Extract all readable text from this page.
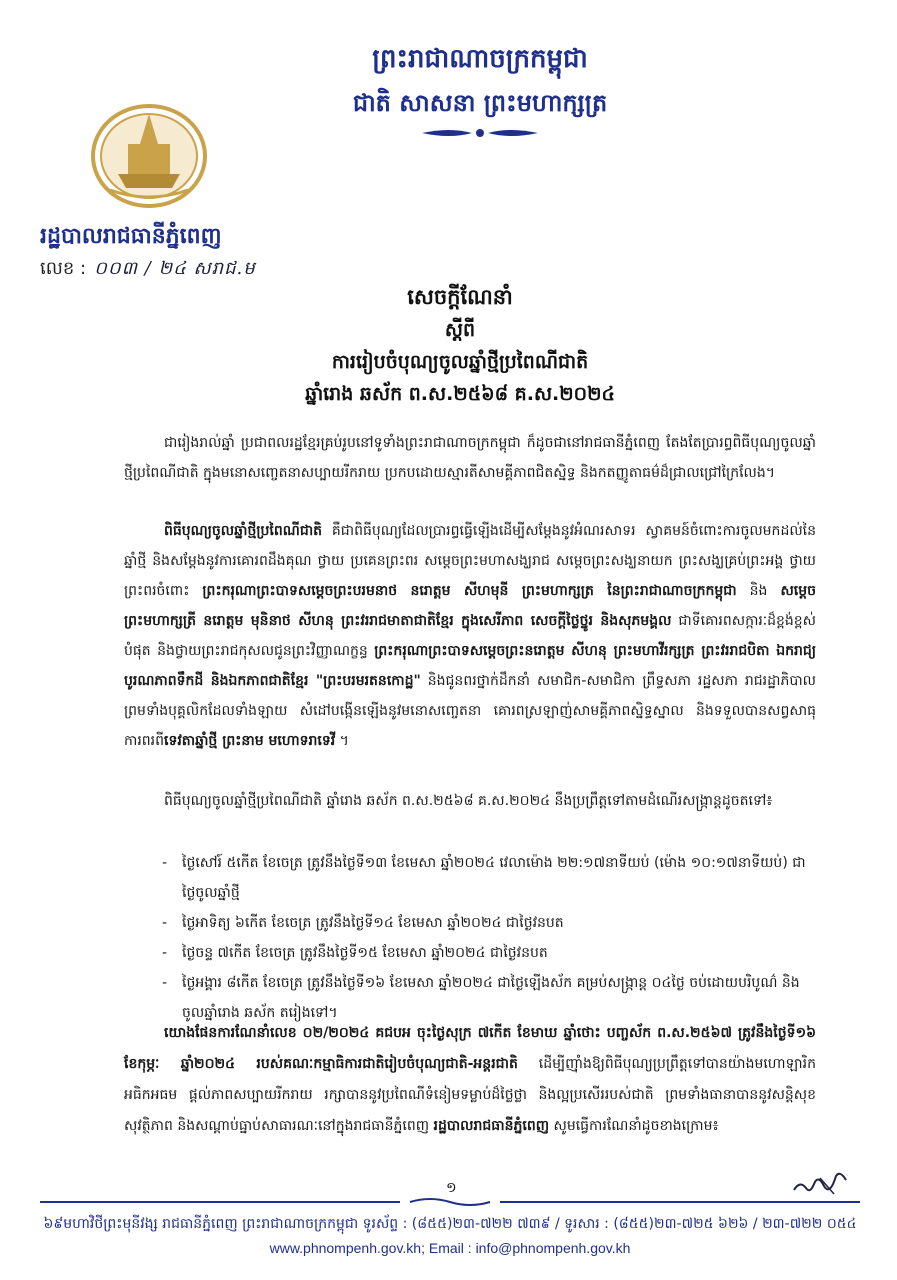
ព្រះរាជាណាចក្រកម្ពុជា
ជាតិ សាសនា ព្រះមហាក្សត្រ
រដ្ឋបាលរាជធានីភ្នំពេញ
លេខ : ០០៣ / ២៤ សរាជ.ម
សេចក្តីណែនាំ
ស្តីពី
ការរៀបចំបុណ្យចូលឆ្នាំថ្មីប្រពៃណីជាតិ
ឆ្នាំរោង ឆស័ក ព.ស.២៥៦៨ គ.ស.២០២៤
ជារៀងរាល់ឆ្នាំ ប្រជាពលរដ្ឋខ្មែរគ្រប់រូបនៅទូទាំងព្រះរាជាណាចក្រកម្ពុជា ក៏ដូចជានៅរាជធានីភ្នំពេញ តែងតែប្រារព្ធពិធីបុណ្យចូលឆ្នាំថ្មីប្រពៃណីជាតិ ក្នុងមនោសញ្ចេតនាសប្បាយរីករាយ ប្រកបដោយស្មារតីសាមគ្គីភាពជិតស្និទ្ធ និងកតញ្ញូតាធម៌ដ៏ជ្រាលជ្រៅក្រៃលែង។
ពិធីបុណ្យចូលឆ្នាំថ្មីប្រពៃណីជាតិ គឺជាពិធីបុណ្យដែលប្រារព្ធធ្វើឡើងដើម្បីសម្តែងនូវអំណរសាទរ ស្វាគមន៍ចំពោះការចូលមកដល់នៃឆ្នាំថ្មី និងសម្តែងនូវការគោរពដឹងគុណ ថ្វាយ ប្រគេនព្រះពរ សម្តេចព្រះមហាសង្ឃរាជ សម្តេចព្រះសង្ឃនាយក ព្រះសង្ឃគ្រប់ព្រះអង្គ ថ្វាយព្រះពរចំពោះ ព្រះករុណាព្រះបាទសម្តេចព្រះបរមនាថ នរោត្តម សីហមុនី ព្រះមហាក្សត្រ នៃព្រះរាជាណាចក្រកម្ពុជា និង សម្តេចព្រះមហាក្សត្រី នរោត្តម មុនិនាថ សីហនុ ព្រះវររាជមាតាជាតិខ្មែរ ក្នុងសេរីភាព សេចក្តីថ្លៃថ្នូរ និងសុភមង្គល ជាទីគោរពសក្ការៈដ៏ខ្ពង់ខ្ពស់បំផុត និងថ្វាយព្រះរាជកុសលជូនព្រះវិញ្ញាណក្ខន្ធ ព្រះករុណាព្រះបាទសម្តេចព្រះនរោត្តម សីហនុ ព្រះមហាវីរក្សត្រ ព្រះវររាជបិតា ឯករាជ្យ បូរណភាពទឹកដី និងឯកភាពជាតិខ្មែរ "ព្រះបរមរតនកោដ្ឋ" និងជូនពរថ្នាក់ដឹកនាំ សមាជិក-សមាជិកា ព្រឹទ្ធសភា រដ្ឋសភា រាជរដ្ឋាភិបាល ព្រមទាំងបុគ្គលិកដែលទាំងឡាយ សំដៅបង្កើនឡើងនូវមនោសញ្ចេតនា គោរពស្រឡាញ់សាមគ្គីភាពស្និទ្ធស្នាល និងទទួលបានសព្វសាធុការពរពីទេវតាឆ្នាំថ្មី ព្រះនាម មហោទរាទេវី ។
ពិធីបុណ្យចូលឆ្នាំថ្មីប្រពៃណីជាតិ ឆ្នាំរោង ឆស័ក ព.ស.២៥៦៨ គ.ស.២០២៤ នឹងប្រព្រឹត្តទៅតាមដំណើរសង្ក្រាន្តដូចតទៅ៖
- ថ្ងៃសៅរ៍ ៥កើត ខែចេត្រ ត្រូវនឹងថ្ងៃទី១៣ ខែមេសា ឆ្នាំ២០២៤ វេលាម៉ោង ២២:១៧នាទីយប់ (ម៉ោង ១០:១៧នាទីយប់) ជាថ្ងៃចូលឆ្នាំថ្មី
- ថ្ងៃអាទិត្យ ៦កើត ខែចេត្រ ត្រូវនឹងថ្ងៃទី១៤ ខែមេសា ឆ្នាំ២០២៤ ជាថ្ងៃវនបត
- ថ្ងៃចន្ទ ៧កើត ខែចេត្រ ត្រូវនឹងថ្ងៃទី១៥ ខែមេសា ឆ្នាំ២០២៤ ជាថ្ងៃវនបត
- ថ្ងៃអង្គារ ៨កើត ខែចេត្រ ត្រូវនឹងថ្ងៃទី១៦ ខែមេសា ឆ្នាំ២០២៤ ជាថ្ងៃឡើងស័ក គម្រប់សង្ក្រាន្ត ០៤ថ្ងៃ ចប់ដោយបរិបូណ៌ និងចូលឆ្នាំរោង ឆស័ក តរៀងទៅ។
យោងផែនការណែនាំលេខ ០២/២០២៤ គជបអ ចុះថ្ងៃសុក្រ ៧កើត ខែមាឃ ឆ្នាំថោះ បញ្ចស័ក ព.ស.២៥៦៧ ត្រូវនឹងថ្ងៃទី១៦ ខែកុម្ភៈ ឆ្នាំ២០២៤ របស់គណៈកម្មាធិការជាតិរៀបចំបុណ្យជាតិ-អន្តរជាតិ ដើម្បីញ៉ាំងឱ្យពិធីបុណ្យប្រព្រឹត្តទៅបានយ៉ាងមហោឡារិក អធិកអធម ផ្តល់ភាពសប្បាយរីករាយ រក្សាបាននូវប្រពៃណីទំនៀមទម្លាប់ដ៏ថ្លៃថ្លា និងល្អប្រសើររបស់ជាតិ ព្រមទាំងធានាបាននូវសន្តិសុខ សុវត្ថិភាព និងសណ្តាប់ធ្នាប់សាធារណៈនៅក្នុងរាជធានីភ្នំពេញ រដ្ឋបាលរាជធានីភ្នំពេញ សូមធ្វើការណែនាំដូចខាងក្រោម៖
១
៦៩មហាវិថីព្រះមុនីវង្ស រាជធានីភ្នំពេញ ព្រះរាជាណាចក្រកម្ពុជា ទូរស័ព្ទ : (៨៥៥)២៣-៧២២ ៧៣៩ / ទូរសារ : (៨៥៥)២៣-៧២៥ ៦២៦ / ២៣-៧២២ ០៥៤
www.phnompenh.gov.kh; Email : info@phnompenh.gov.kh
